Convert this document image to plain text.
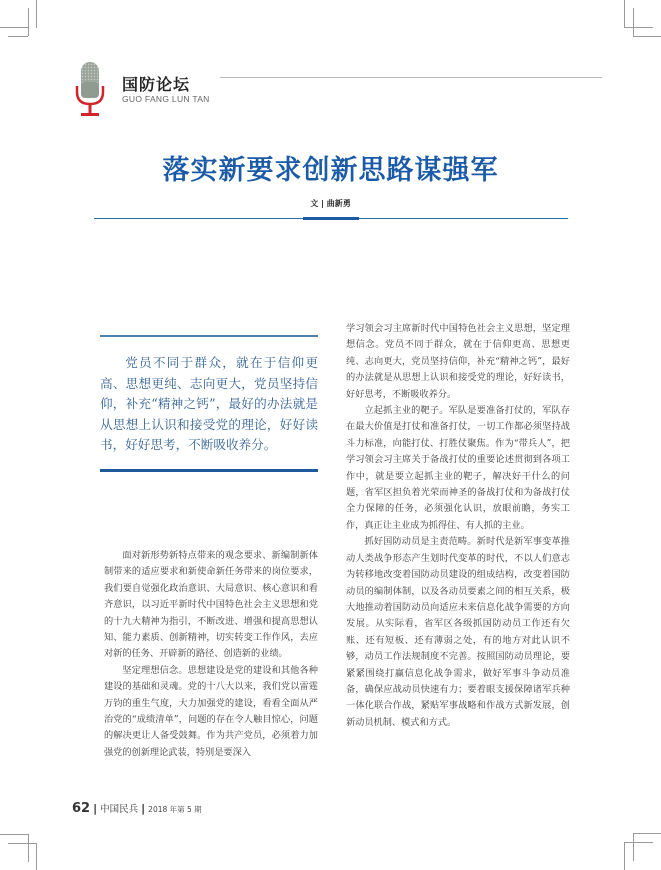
国防论坛
GUO FANG LUN TAN
落实新要求创新思路谋强军
文 | 曲新勇
党员不同于群众，就在于信仰更高、思想更纯、志向更大，党员坚持信仰，补充“精神之钙”，最好的办法就是从思想上认识和接受党的理论，好好读书，好好思考，不断吸收养分。

面对新形势新特点带来的观念要求、新编制新体制带来的适应要求和新使命新任务带来的岗位要求，我们要自觉强化政治意识、大局意识、核心意识和看齐意识，以习近平新时代中国特色社会主义思想和党的十九大精神为指引，不断改进、增强和提高思想认知、能力素质、创新精神，切实转变工作作风，去应对新的任务、开辟新的路径、创造新的业绩。

坚定理想信念。思想建设是党的建设和其他各种建设的基础和灵魂。党的十八大以来，我们党以雷霆万钧的重生气度，大力加强党的建设，看看全面从严治党的“成绩清单”，问题的存在令人触目惊心，问题的解决更让人备受鼓舞。作为共产党员，必须着力加强党的创新理论武装，特别是要深入

学习领会习主席新时代中国特色社会主义思想，坚定理想信念。党员不同于群众，就在于信仰更高、思想更纯、志向更大，党员坚持信仰，补充“精神之钙”，最好的办法就是从思想上认识和接受党的理论，好好读书，好好思考，不断吸收养分。

立起抓主业的靶子。军队是要准备打仗的，军队存在最大价值是打仗和准备打仗，一切工作都必须坚持战斗力标准，向能打仗、打胜仗聚焦。作为“带兵人”，把学习领会习主席关于备战打仗的重要论述贯彻到各项工作中，就是要立起抓主业的靶子，解决好干什么的问题，省军区担负着光荣而神圣的备战打仗和为备战打仗全力保障的任务，必须强化认识，放眼前瞻，务实工作，真正让主业成为抓得住、有人抓的主业。

抓好国防动员是主责范畴。新时代是新军事变革推动人类战争形态产生划时代变革的时代，不以人们意志为转移地改变着国防动员建设的组成结构，改变着国防动员的编制体制，以及各动员要素之间的相互关系，极大地推动着国防动员向适应未来信息化战争需要的方向发展。从实际看，省军区各级抓国防动员工作还有欠账、还有短板、还有薄弱之处，有的地方对此认识不够，动员工作法规制度不完善。按照国防动员理论，要紧紧围绕打赢信息化战争需求，做好军事斗争动员准备，确保应战动员快速有力；要着眼支援保障诸军兵种一体化联合作战，紧贴军事战略和作战方式新发展，创新动员机制、模式和方式。

62 | 中国民兵 | 2018 年第 5 期
